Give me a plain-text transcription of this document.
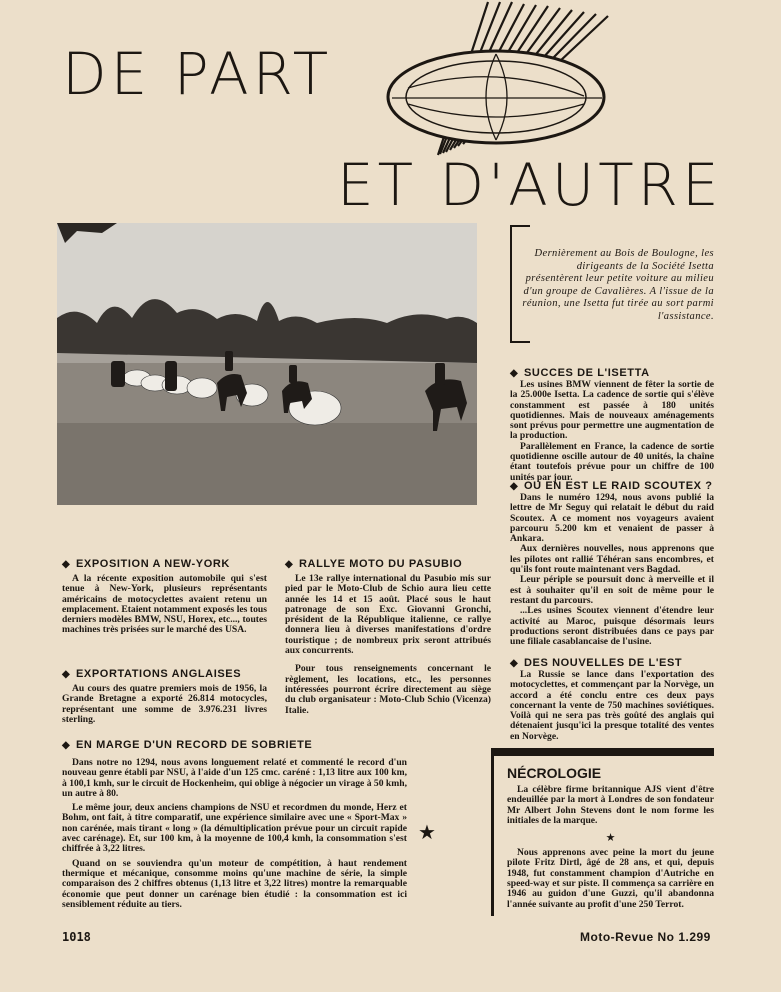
DE PART
ET D'AUTRE
Dernièrement au Bois de Boulogne, les dirigeants de la Société Isetta présentèrent leur petite voiture au milieu d'un groupe de Cavalières. A l'issue de la réunion, une Isetta fut tirée au sort parmi l'assistance.
◆ SUCCES DE L'ISETTA

Les usines BMW viennent de fêter la sortie de la 25.000e Isetta. La cadence de sortie qui s'élève constamment est passée à 180 unités quotidiennes. Mais de nouveaux aménagements sont prévus pour permettre une augmentation de la production.

Parallèlement en France, la cadence de sortie quotidienne oscille autour de 40 unités, la chaîne étant toutefois prévue pour un chiffre de 100 unités par jour.

◆ OU EN EST LE RAID SCOUTEX ?

Dans le numéro 1294, nous avons publié la lettre de Mr Seguy qui relatait le début du raid Scoutex. A ce moment nos voyageurs avaient parcouru 5.200 km et venaient de passer à Ankara.

Aux dernières nouvelles, nous apprenons que les pilotes ont rallié Téhéran sans encombres, et qu'ils font route maintenant vers Bagdad.

Leur périple se poursuit donc à merveille et il est à souhaiter qu'il en soit de même pour le restant du parcours.

...Les usines Scoutex viennent d'étendre leur activité au Maroc, puisque désormais leurs productions seront distribuées dans ce pays par une filiale casablancaise de l'usine.

◆ DES NOUVELLES DE L'EST

La Russie se lance dans l'exportation des motocyclettes, et commençant par la Norvège, un accord a été conclu entre ces deux pays concernant la vente de 750 machines soviétiques. Voilà qui ne sera pas très goûté des anglais qui détenaient jusqu'ici la presque totalité des ventes en Norvège.

◆ EXPOSITION A NEW-YORK

A la récente exposition automobile qui s'est tenue à New-York, plusieurs représentants américains de motocyclettes avaient retenu un emplacement. Etaient notamment exposés les tous derniers modèles BMW, NSU, Horex, etc..., toutes machines très prisées sur le marché des USA.

◆ EXPORTATIONS ANGLAISES

Au cours des quatre premiers mois de 1956, la Grande Bretagne a exporté 26.814 motocycles, représentant une somme de 3.976.231 livres sterling.

◆ RALLYE MOTO DU PASUBIO

Le 13e rallye international du Pasubio mis sur pied par le Moto-Club de Schio aura lieu cette année les 14 et 15 août. Placé sous le haut patronage de son Exc. Giovanni Gronchi, président de la République italienne, ce rallye donnera lieu à diverses manifestations d'ordre touristique ; de nombreux prix seront attribués aux concurrents.

Pour tous renseignements concernant le règlement, les locations, etc., les personnes intéressées pourront écrire directement au siège du club organisateur : Moto-Club Schio (Vicenza) Italie.

◆ EN MARGE D'UN RECORD DE SOBRIETE

Dans notre no 1294, nous avons longuement relaté et commenté le record d'un nouveau genre établi par NSU, à l'aide d'un 125 cmc. caréné : 1,13 litre aux 100 km, à 100,1 kmh, sur le circuit de Hockenheim, qui oblige à négocier un virage à 50 kmh, un autre à 80.

Le même jour, deux anciens champions de NSU et recordmen du monde, Herz et Bohm, ont fait, à titre comparatif, une expérience similaire avec une « Sport-Max » non carénée, mais tirant « long » (la démultiplication prévue pour un circuit rapide avec carénage). Et, sur 100 km, à la moyenne de 100,4 kmh, la consommation s'est chiffrée à 3,22 litres.

Quand on se souviendra qu'un moteur de compétition, à haut rendement thermique et mécanique, consomme moins qu'une machine de série, la simple comparaison des 2 chiffres obtenus (1,13 litre et 3,22 litres) montre la remarquable économie que peut donner un carénage bien étudié : la consommation est ici sensiblement réduite au tiers.

★
NÉCROLOGIE

La célèbre firme britannique AJS vient d'être endeuillée par la mort à Londres de son fondateur Mr Albert John Stevens dont le nom forme les initiales de la marque.

★

Nous apprenons avec peine la mort du jeune pilote Fritz Dirtl, âgé de 28 ans, et qui, depuis 1948, fut constamment champion d'Autriche en speed-way et sur piste. Il commença sa carrière en 1946 au guidon d'une Guzzi, qu'il abandonna l'année suivante au profit d'une 250 Terrot.

1018	Moto-Revue No 1.299
